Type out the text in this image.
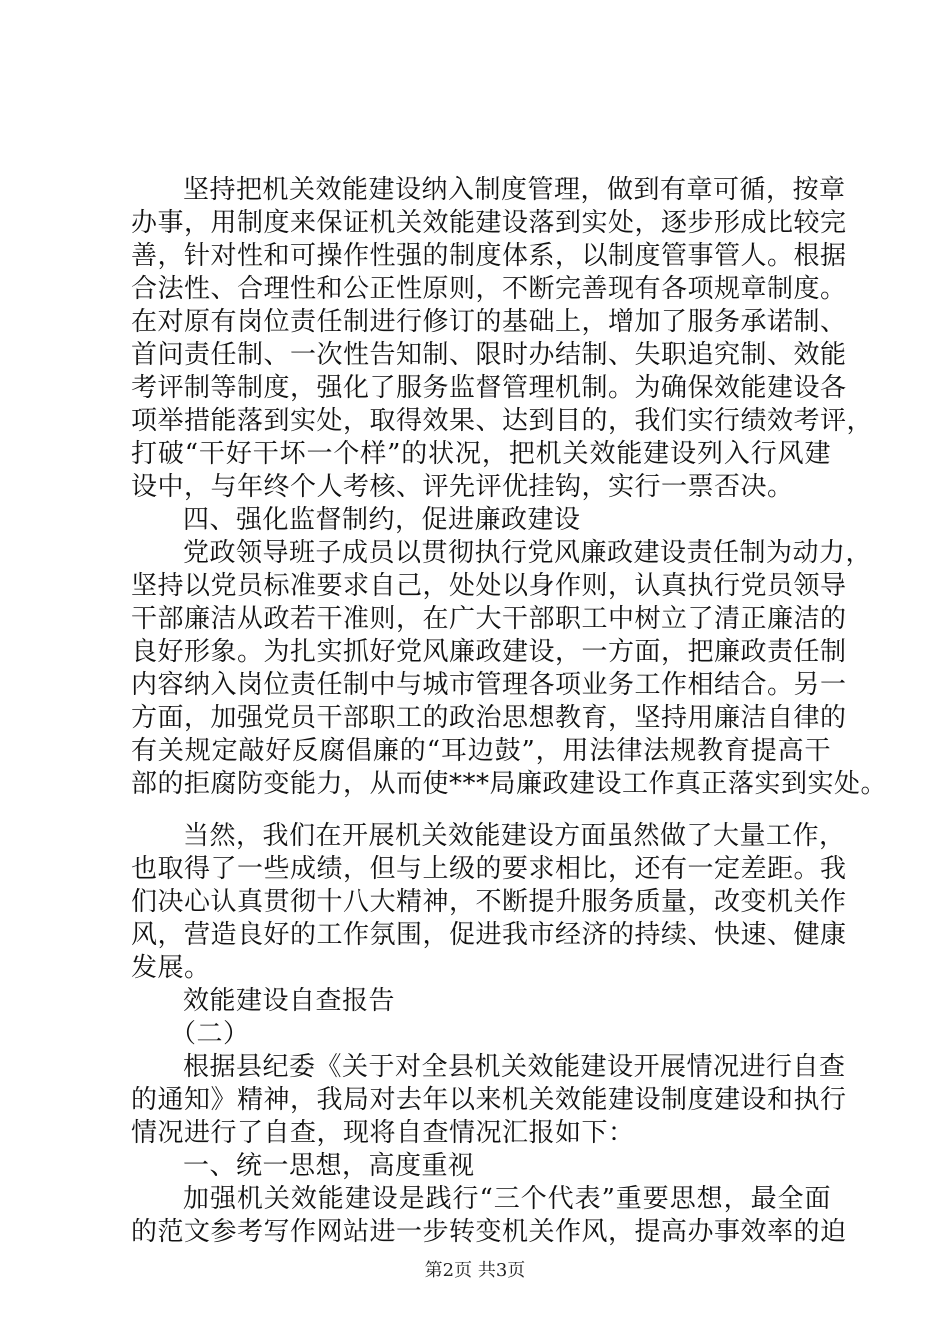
坚持把机关效能建设纳入制度管理，做到有章可循，按章
办事，用制度来保证机关效能建设落到实处，逐步形成比较完
善，针对性和可操作性强的制度体系，以制度管事管人。根据
合法性、合理性和公正性原则，不断完善现有各项规章制度。
在对原有岗位责任制进行修订的基础上，增加了服务承诺制、
首问责任制、一次性告知制、限时办结制、失职追究制、效能
考评制等制度，强化了服务监督管理机制。为确保效能建设各
项举措能落到实处，取得效果、达到目的，我们实行绩效考评，
打破“干好干坏一个样”的状况，把机关效能建设列入行风建
设中，与年终个人考核、评先评优挂钩，实行一票否决。
四、强化监督制约，促进廉政建设
党政领导班子成员以贯彻执行党风廉政建设责任制为动力，
坚持以党员标准要求自己，处处以身作则，认真执行党员领导
干部廉洁从政若干准则，在广大干部职工中树立了清正廉洁的
良好形象。为扎实抓好党风廉政建设，一方面，把廉政责任制
内容纳入岗位责任制中与城市管理各项业务工作相结合。另一
方面，加强党员干部职工的政治思想教育，坚持用廉洁自律的
有关规定敲好反腐倡廉的“耳边鼓”，用法律法规教育提高干
部的拒腐防变能力，从而使***局廉政建设工作真正落实到实处。
当然，我们在开展机关效能建设方面虽然做了大量工作，
也取得了一些成绩，但与上级的要求相比，还有一定差距。我
们决心认真贯彻十八大精神，不断提升服务质量，改变机关作
风，营造良好的工作氛围，促进我市经济的持续、快速、健康
发展。
效能建设自查报告
（二）
根据县纪委《关于对全县机关效能建设开展情况进行自查
的通知》精神，我局对去年以来机关效能建设制度建设和执行
情况进行了自查，现将自查情况汇报如下：
一、统一思想，高度重视
加强机关效能建设是践行“三个代表”重要思想，最全面
的范文参考写作网站进一步转变机关作风，提高办事效率的迫
第2页 共3页
